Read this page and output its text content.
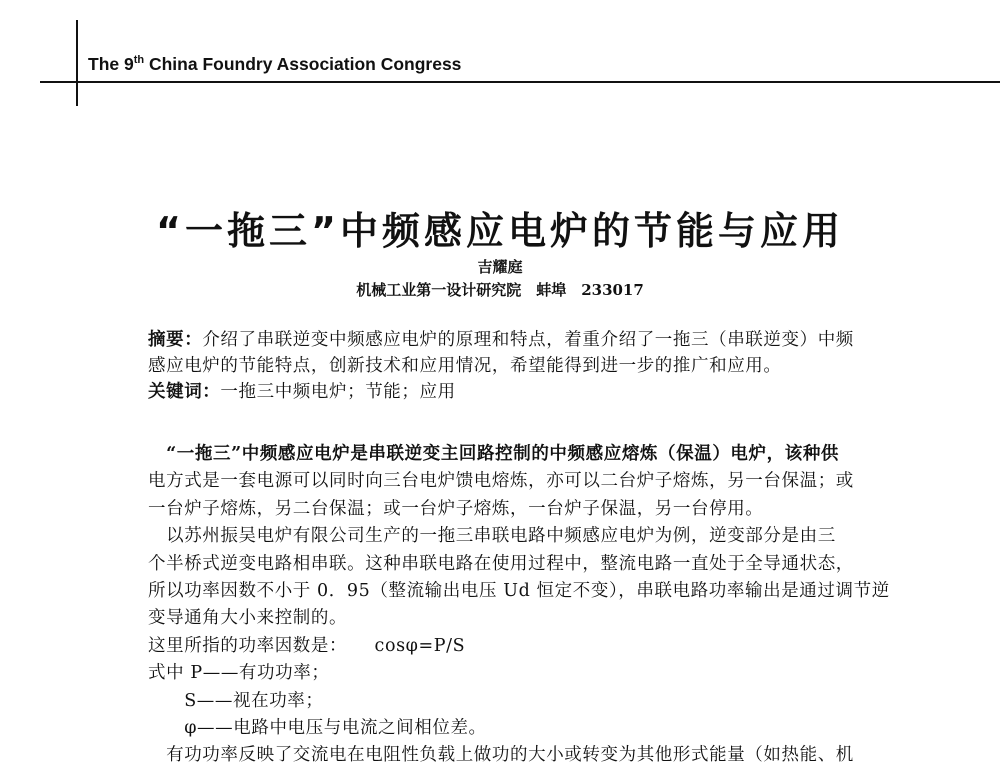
The 9th China Foundry Association Congress
“一拖三”中频感应电炉的节能与应用
吉耀庭
机械工业第一设计研究院　蚌埠　233017
摘要：介绍了串联逆变中频感应电炉的原理和特点，着重介绍了一拖三（串联逆变）中频
感应电炉的节能特点，创新技术和应用情况，希望能得到进一步的推广和应用。
关键词：一拖三中频电炉；节能；应用
　“一拖三”中频感应电炉是串联逆变主回路控制的中频感应熔炼（保温）电炉，该种供
电方式是一套电源可以同时向三台电炉馈电熔炼，亦可以二台炉子熔炼，另一台保温；或
一台炉子熔炼，另二台保温；或一台炉子熔炼，一台炉子保温，另一台停用。
　以苏州振吴电炉有限公司生产的一拖三串联电路中频感应电炉为例，逆变部分是由三
个半桥式逆变电路相串联。这种串联电路在使用过程中，整流电路一直处于全导通状态，
所以功率因数不小于 0．95（整流输出电压 Ud 恒定不变），串联电路功率输出是通过调节逆
变导通角大小来控制的。
这里所指的功率因数是：　　cosφ=P/S
式中 P——有功功率；
　　S——视在功率；
　　φ——电路中电压与电流之间相位差。
　有功功率反映了交流电在电阻性负载上做功的大小或转变为其他形式能量（如热能、机
